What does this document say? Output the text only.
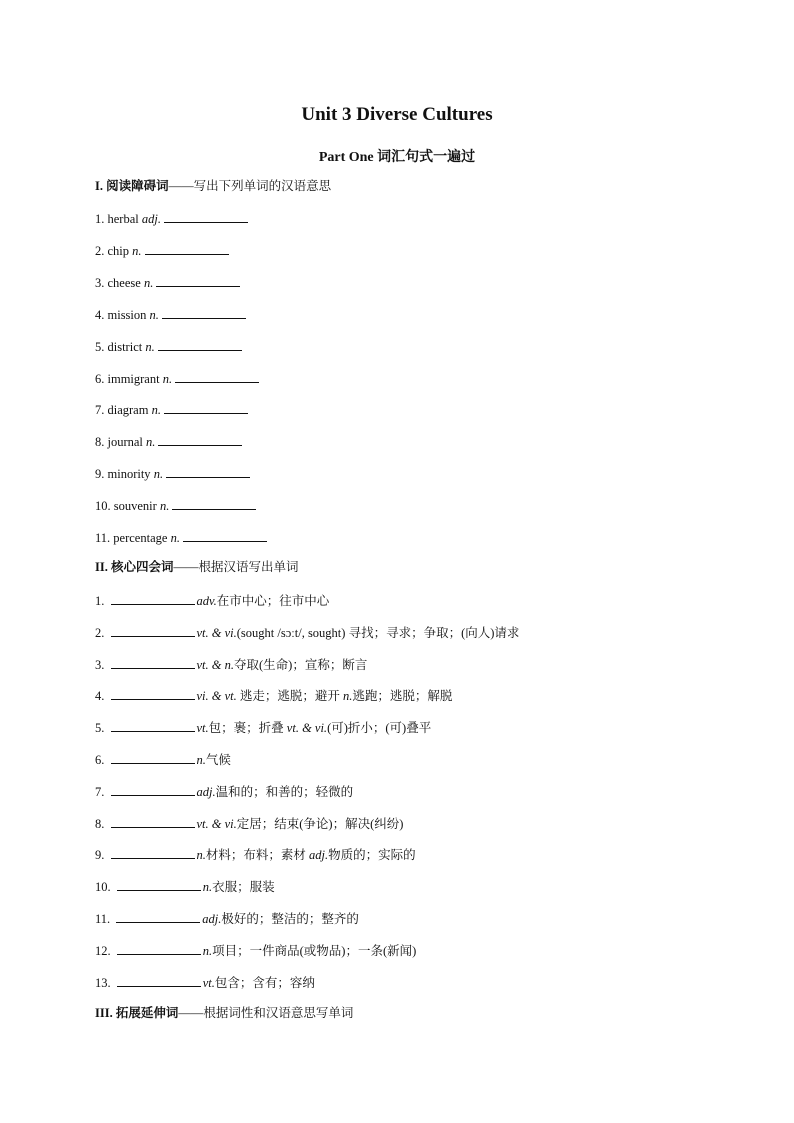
Unit 3 Diverse Cultures
Part One 词汇句式一遍过
I. 阅读障碍词——写出下列单词的汉语意思
1. herbal adj.
2. chip n.
3. cheese n.
4. mission n.
5. district n.
6. immigrant n.
7. diagram n.
8. journal n.
9. minority n.
10. souvenir n.
11. percentage n.
II. 核心四会词——根据汉语写出单词
1.	adv.在市中心；往市中心
2.	vt. & vi.(sought /sɔːt/, sought) 寻找；寻求；争取；(向人)请求
3.	vt. & n.夺取(生命)；宣称；断言
4.	vi. & vt. 逃走；逃脱；避开 n.逃跑；逃脱；解脱
5.	vt.包；裹；折叠 vt. & vi.(可)折小；(可)叠平
6.	n.气候
7.	adj.温和的；和善的；轻微的
8.	vt. & vi.定居；结束(争论)；解决(纠纷)
9.	n.材料；布料；素材 adj.物质的；实际的
10.	n.衣服；服装
11.	adj.极好的；整洁的；整齐的
12.	n.项目；一件商品(或物品)；一条(新闻)
13.	vt.包含；含有；容纳
III. 拓展延伸词——根据词性和汉语意思写单词
